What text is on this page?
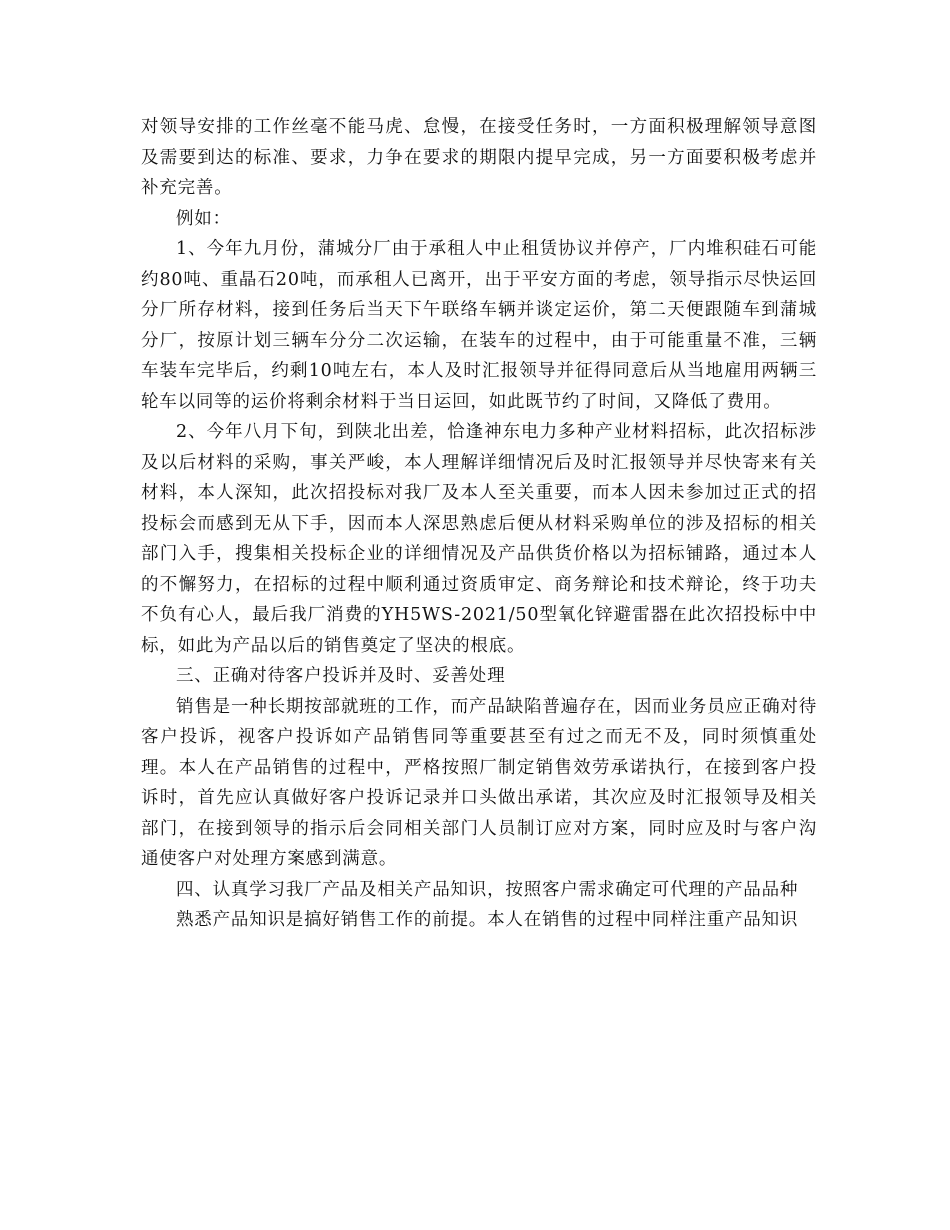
对领导安排的工作丝毫不能马虎、怠慢，在接受任务时，一方面积极理解领导意图及需要到达的标准、要求，力争在要求的期限内提早完成，另一方面要积极考虑并补充完善。

例如：

1、今年九月份，蒲城分厂由于承租人中止租赁协议并停产，厂内堆积硅石可能约80吨、重晶石20吨，而承租人已离开，出于平安方面的考虑，领导指示尽快运回分厂所存材料，接到任务后当天下午联络车辆并谈定运价，第二天便跟随车到蒲城分厂，按原计划三辆车分分二次运输，在装车的过程中，由于可能重量不准，三辆车装车完毕后，约剩10吨左右，本人及时汇报领导并征得同意后从当地雇用两辆三轮车以同等的运价将剩余材料于当日运回，如此既节约了时间，又降低了费用。

2、今年八月下旬，到陕北出差，恰逢神东电力多种产业材料招标，此次招标涉及以后材料的采购，事关严峻，本人理解详细情况后及时汇报领导并尽快寄来有关材料，本人深知，此次招投标对我厂及本人至关重要，而本人因未参加过正式的招投标会而感到无从下手，因而本人深思熟虑后便从材料采购单位的涉及招标的相关部门入手，搜集相关投标企业的详细情况及产品供货价格以为招标铺路，通过本人的不懈努力，在招标的过程中顺利通过资质审定、商务辩论和技术辩论，终于功夫不负有心人，最后我厂消费的YH5WS-2021/50型氧化锌避雷器在此次招投标中中标，如此为产品以后的销售奠定了坚决的根底。

三、正确对待客户投诉并及时、妥善处理

销售是一种长期按部就班的工作，而产品缺陷普遍存在，因而业务员应正确对待客户投诉，视客户投诉如产品销售同等重要甚至有过之而无不及，同时须慎重处理。本人在产品销售的过程中，严格按照厂制定销售效劳承诺执行，在接到客户投诉时，首先应认真做好客户投诉记录并口头做出承诺，其次应及时汇报领导及相关部门，在接到领导的指示后会同相关部门人员制订应对方案，同时应及时与客户沟通使客户对处理方案感到满意。

四、认真学习我厂产品及相关产品知识，按照客户需求确定可代理的产品品种

熟悉产品知识是搞好销售工作的前提。本人在销售的过程中同样注重产品知识
